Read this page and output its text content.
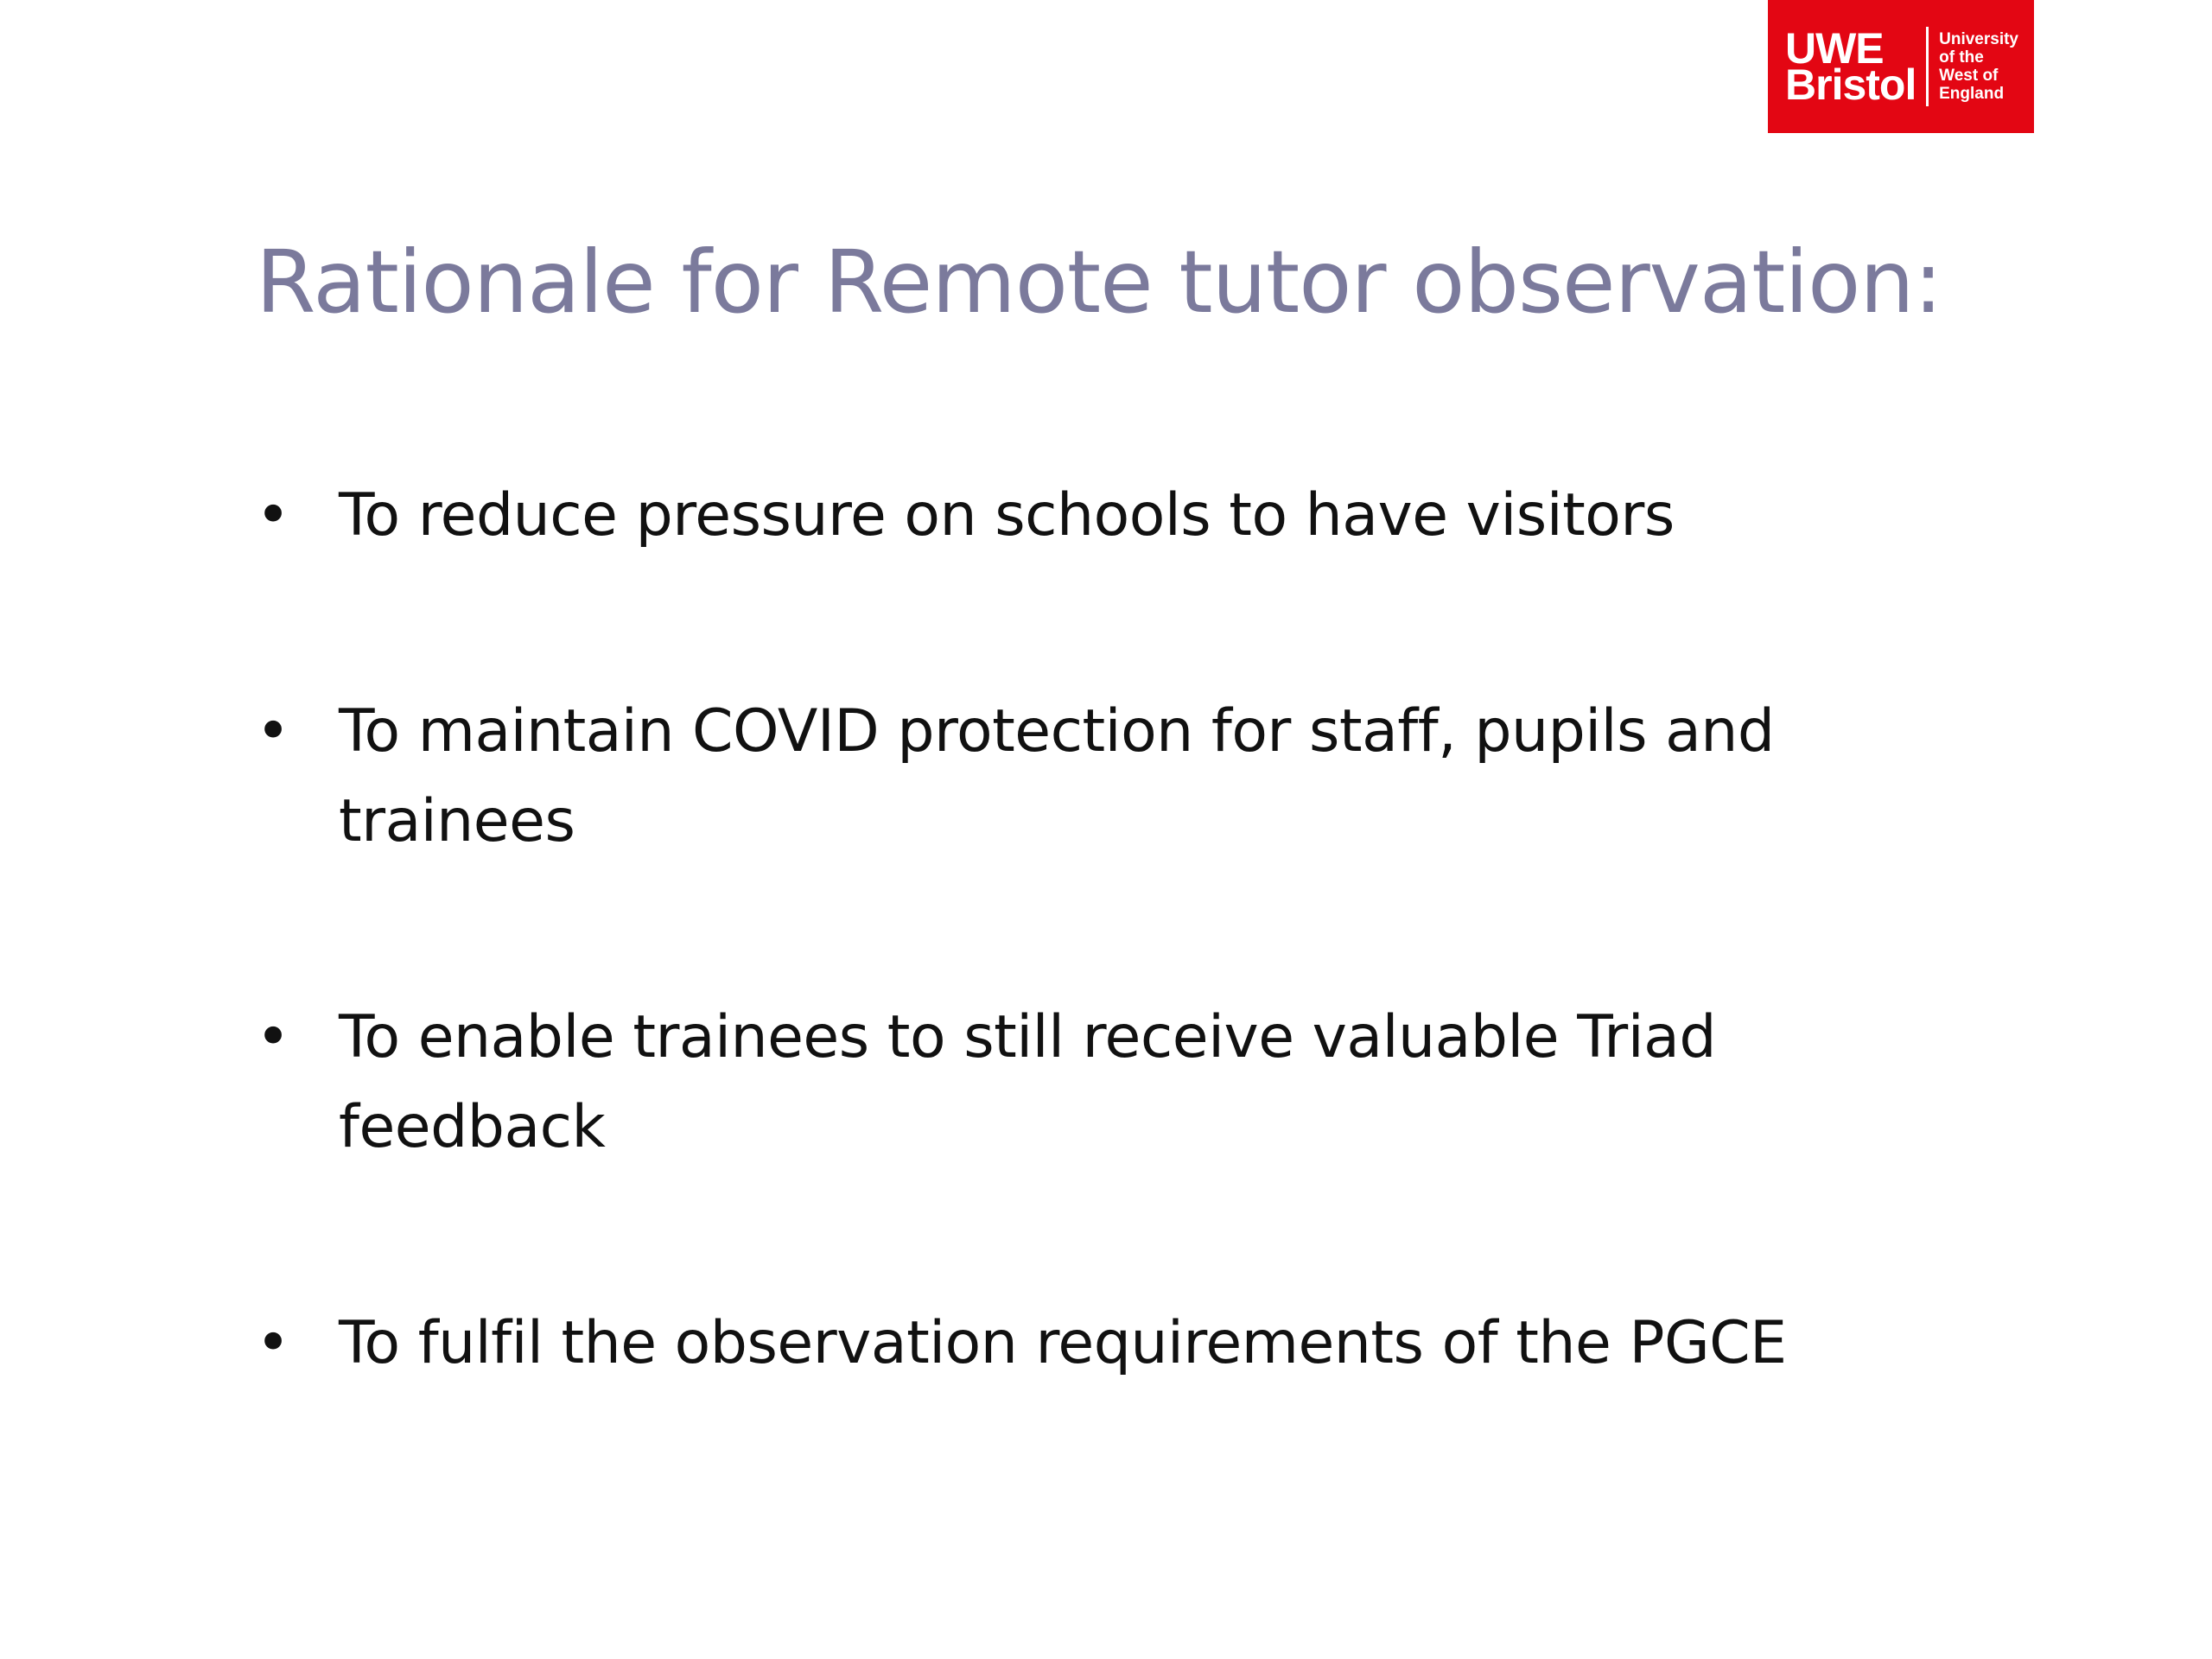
UWE
Bristol
University
of the
West of
England
Rationale for Remote tutor observation:
• To reduce pressure on schools to have visitors
• To maintain COVID protection for staff, pupils and trainees
• To enable trainees to still receive valuable Triad feedback
• To fulfil the observation requirements of the PGCE
